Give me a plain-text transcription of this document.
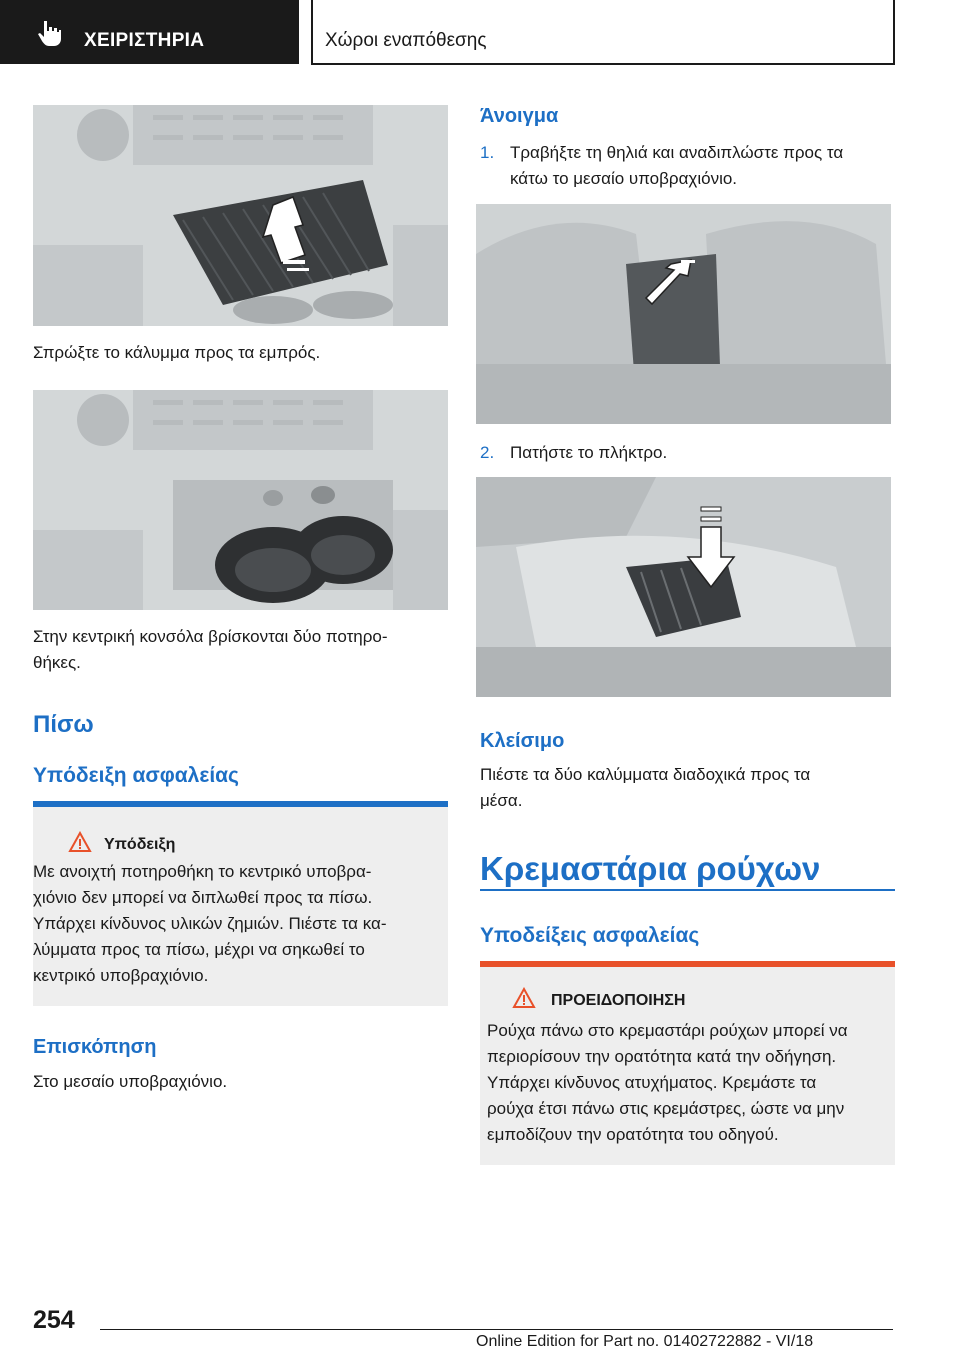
ΧΕΙΡΙΣΤΗΡΙΑ	Χώροι εναπόθεσης
Σπρώξτε το κάλυμμα προς τα εμπρός.
Στην κεντρική κονσόλα βρίσκονται δύο ποτηρο-
θήκες.
Πίσω
Υπόδειξη ασφαλείας
Υπόδειξη
Με ανοιχτή ποτηροθήκη το κεντρικό υποβρα-
χιόνιο δεν μπορεί να διπλωθεί προς τα πίσω.
Υπάρχει κίνδυνος υλικών ζημιών. Πιέστε τα κα-
λύμματα προς τα πίσω, μέχρι να σηκωθεί το
κεντρικό υποβραχιόνιο.
Επισκόπηση
Στο μεσαίο υποβραχιόνιο.
Άνοιγμα
1. Τραβήξτε τη θηλιά και αναδιπλώστε προς τα
κάτω το μεσαίο υποβραχιόνιο.
2. Πατήστε το πλήκτρο.
Κλείσιμο
Πιέστε τα δύο καλύμματα διαδοχικά προς τα
μέσα.
Κρεμαστάρια ρούχων
Υποδείξεις ασφαλείας
ΠΡΟΕΙΔΟΠΟΙΗΣΗ
Ρούχα πάνω στο κρεμαστάρι ρούχων μπορεί να
περιορίσουν την ορατότητα κατά την οδήγηση.
Υπάρχει κίνδυνος ατυχήματος. Κρεμάστε τα
ρούχα έτσι πάνω στις κρεμάστρες, ώστε να μην
εμποδίζουν την ορατότητα του οδηγού.
254
Online Edition for Part no. 01402722882 - VI/18
